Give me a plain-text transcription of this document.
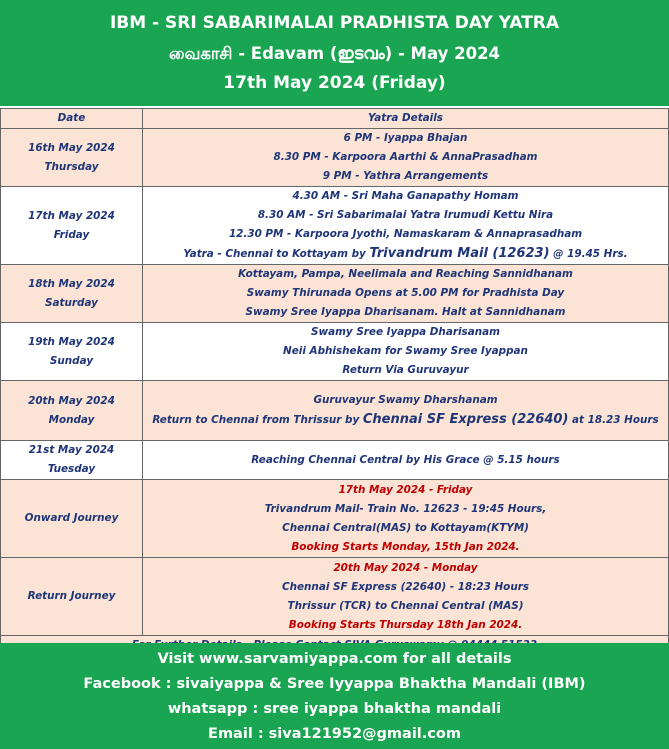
IBM - SRI SABARIMALAI PRADHISTA DAY YATRA
வைகாசி - Edavam (ഇടവം) - May 2024
17th May 2024 (Friday)
Date	Yatra Details

16th May 2024
Thursday	6 PM - Iyappa Bhajan
8.30 PM - Karpoora Aarthi & AnnaPrasadham
9 PM - Yathra Arrangements

17th May 2024
Friday	4.30 AM - Sri Maha Ganapathy Homam
8.30 AM - Sri Sabarimalai Yatra Irumudi Kettu Nira
12.30 PM - Karpoora Jyothi, Namaskaram & Annaprasadham
Yatra - Chennai to Kottayam by Trivandrum Mail (12623) @ 19.45 Hrs.

18th May 2024
Saturday	Kottayam, Pampa, Neelimala and Reaching Sannidhanam
Swamy Thirunada Opens at 5.00 PM for Pradhista Day
Swamy Sree Iyappa Dharisanam. Halt at Sannidhanam

19th May 2024
Sunday	Swamy Sree Iyappa Dharisanam
Neii Abhishekam for Swamy Sree Iyappan
Return Via Guruvayur

20th May 2024
Monday	Guruvayur Swamy Dharshanam
Return to Chennai from Thrissur by Chennai SF Express (22640) at 18.23 Hours

21st May 2024
Tuesday	Reaching Chennai Central by His Grace @ 5.15 hours

Onward Journey	17th May 2024 - Friday
Trivandrum Mail- Train No. 12623 - 19:45 Hours,
Chennai Central(MAS) to Kottayam(KTYM)
Booking Starts Monday, 15th Jan 2024.

Return Journey	20th May 2024 - Monday
Chennai SF Express (22640) - 18:23 Hours
Thrissur (TCR) to Chennai Central (MAS)
Booking Starts Thursday 18th Jan 2024.

Visit www.sarvamiyappa.com for all details
Facebook : sivaiyappa & Sree Iyyappa Bhaktha Mandali (IBM)
whatsapp : sree iyappa bhaktha mandali
Email : siva121952@gmail.com
